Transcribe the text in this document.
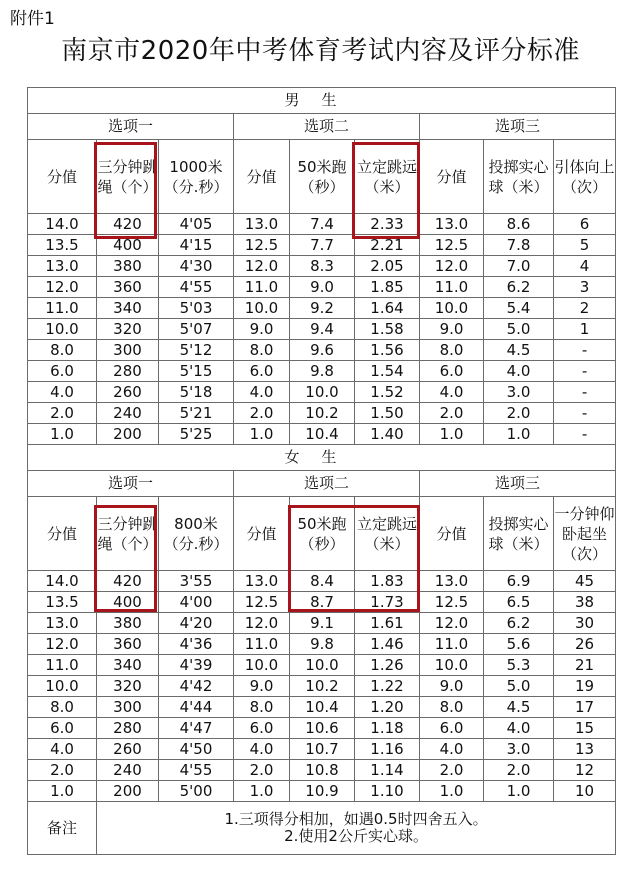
附件1
南京市2020年中考体育考试内容及评分标准
男生								
选项一			选项二			选项三		
分值	三分钟跳绳（个）	1000米（分.秒）	分值	50米跑（秒）	立定跳远（米）	分值	投掷实心球（米）	引体向上（次）
14.0	420	4'05	13.0	7.4	2.33	13.0	8.6	6
13.5	400	4'15	12.5	7.7	2.21	12.5	7.8	5
13.0	380	4'30	12.0	8.3	2.05	12.0	7.0	4
12.0	360	4'55	11.0	9.0	1.85	11.0	6.2	3
11.0	340	5'03	10.0	9.2	1.64	10.0	5.4	2
10.0	320	5'07	9.0	9.4	1.58	9.0	5.0	1
8.0	300	5'12	8.0	9.6	1.56	8.0	4.5	-
6.0	280	5'15	6.0	9.8	1.54	6.0	4.0	-
4.0	260	5'18	4.0	10.0	1.52	4.0	3.0	-
2.0	240	5'21	2.0	10.2	1.50	2.0	2.0	-
1.0	200	5'25	1.0	10.4	1.40	1.0	1.0	-
女生								
选项一			选项二			选项三		
分值	三分钟跳绳（个）	800米（分.秒）	分值	50米跑（秒）	立定跳远（米）	分值	投掷实心球（米）	一分钟仰卧起坐（次）
14.0	420	3'55	13.0	8.4	1.83	13.0	6.9	45
13.5	400	4'00	12.5	8.7	1.73	12.5	6.5	38
13.0	380	4'20	12.0	9.1	1.61	12.0	6.2	30
12.0	360	4'36	11.0	9.8	1.46	11.0	5.6	26
11.0	340	4'39	10.0	10.0	1.26	10.0	5.3	21
10.0	320	4'42	9.0	10.2	1.22	9.0	5.0	19
8.0	300	4'44	8.0	10.4	1.20	8.0	4.5	17
6.0	280	4'47	6.0	10.6	1.18	6.0	4.0	15
4.0	260	4'50	4.0	10.7	1.16	4.0	3.0	13
2.0	240	4'55	2.0	10.8	1.14	2.0	2.0	12
1.0	200	5'00	1.0	10.9	1.10	1.0	1.0	10
备注	1.三项得分相加，如遇0.5时四舍五入。
2.使用2公斤实心球。							
